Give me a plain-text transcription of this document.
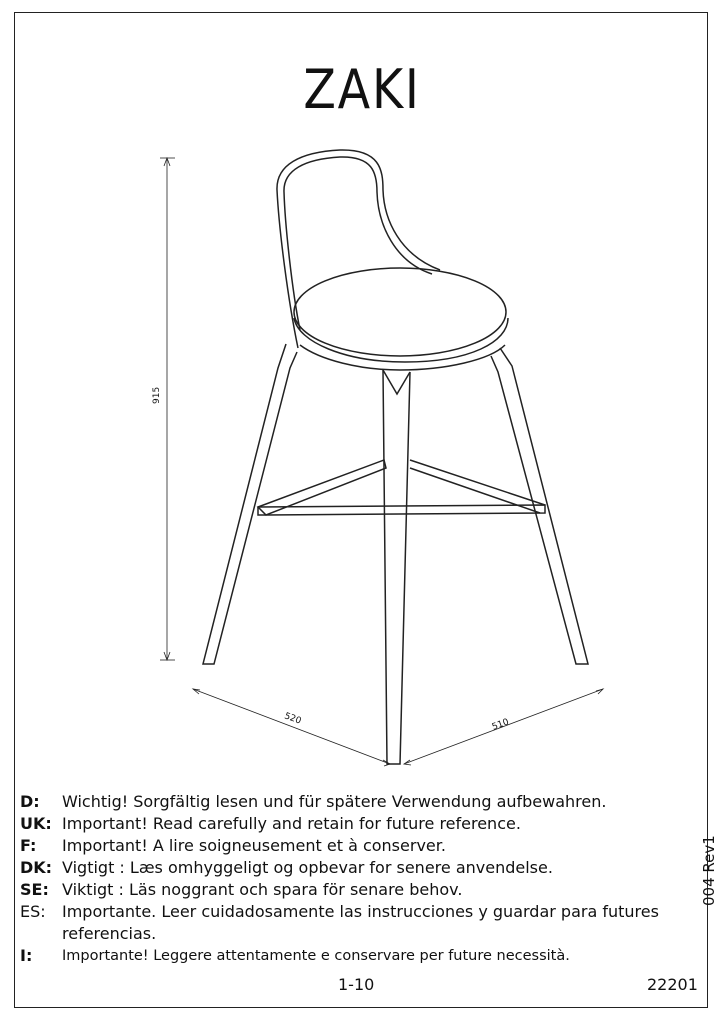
ZAKI
915
520	510
D: Wichtig! Sorgfältig lesen und für spätere Verwendung aufbewahren.
UK: Important! Read carefully and retain for future reference.
F: Important! A lire soigneusement et à conserver.
DK: Vigtigt : Læs omhyggeligt og opbevar for senere anvendelse.
SE: Viktigt : Läs noggrant och spara för senare behov.
ES: Importante. Leer cuidadosamente las instrucciones y guardar para futures referencias.
I: Importante! Leggere attentamente e conservare per future necessità.
004 Rev1
1-10	22201
